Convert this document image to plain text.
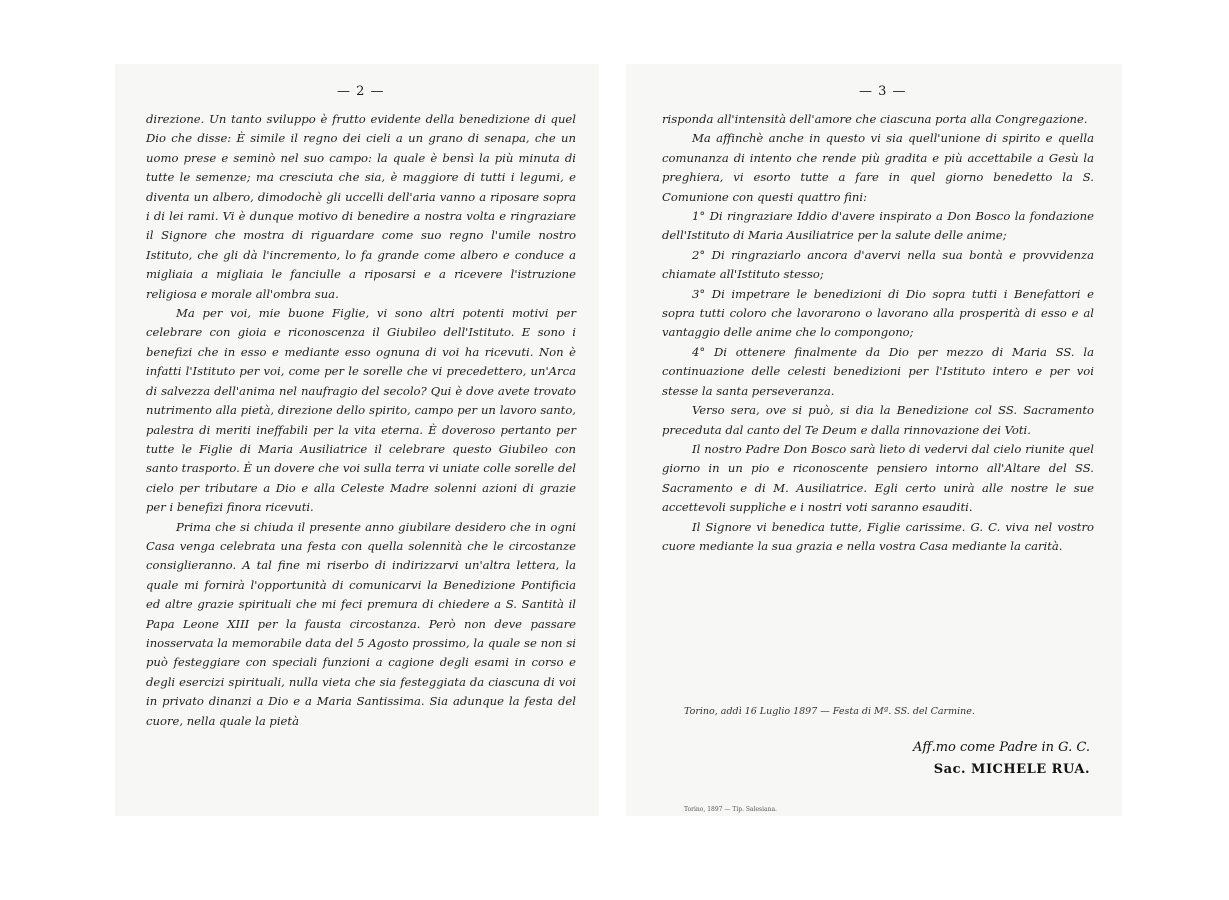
— 2 —

direzione. Un tanto sviluppo è frutto evidente della benedizione di quel Dio che disse: È simile il regno dei cieli a un grano di senapa, che un uomo prese e seminò nel suo campo: la quale è bensì la più minuta di tutte le semenze; ma cresciuta che sia, è maggiore di tutti i legumi, e diventa un albero, dimodochè gli uccelli dell'aria vanno a riposare sopra i di lei rami. Vi è dunque motivo di benedire a nostra volta e ringraziare il Signore che mostra di riguardare come suo regno l'umile nostro Istituto, che gli dà l'incremento, lo fa grande come albero e conduce a migliaia a migliaia le fanciulle a riposarsi e a ricevere l'istruzione religiosa e morale all'ombra sua.

Ma per voi, mie buone Figlie, vi sono altri potenti motivi per celebrare con gioia e riconoscenza il Giubileo dell'Istituto. E sono i benefizi che in esso e mediante esso ognuna di voi ha ricevuti. Non è infatti l'Istituto per voi, come per le sorelle che vi precedettero, un'Arca di salvezza dell'anima nel naufragio del secolo? Qui è dove avete trovato nutrimento alla pietà, direzione dello spirito, campo per un lavoro santo, palestra di meriti ineffabili per la vita eterna. È doveroso pertanto per tutte le Figlie di Maria Ausiliatrice il celebrare questo Giubileo con santo trasporto. È un dovere che voi sulla terra vi uniate colle sorelle del cielo per tributare a Dio e alla Celeste Madre solenni azioni di grazie per i benefizi finora ricevuti.

Prima che si chiuda il presente anno giubilare desidero che in ogni Casa venga celebrata una festa con quella solennità che le circostanze consiglieranno. A tal fine mi riserbo di indirizzarvi un'altra lettera, la quale mi fornirà l'opportunità di comunicarvi la Benedizione Pontificia ed altre grazie spirituali che mi feci premura di chiedere a S. Santità il Papa Leone XIII per la fausta circostanza. Però non deve passare inosservata la memorabile data del 5 Agosto prossimo, la quale se non si può festeggiare con speciali funzioni a cagione degli esami in corso e degli esercizi spirituali, nulla vieta che sia festeggiata da ciascuna di voi in privato dinanzi a Dio e a Maria Santissima. Sia adunque la festa del cuore, nella quale la pietà

— 3 —

risponda all'intensità dell'amore che ciascuna porta alla Congregazione.

Ma affinchè anche in questo vi sia quell'unione di spirito e quella comunanza di intento che rende più gradita e più accettabile a Gesù la preghiera, vi esorto tutte a fare in quel giorno benedetto la S. Comunione con questi quattro fini:

1° Di ringraziare Iddio d'avere inspirato a Don Bosco la fondazione dell'Istituto di Maria Ausiliatrice per la salute delle anime;

2° Di ringraziarlo ancora d'avervi nella sua bontà e provvidenza chiamate all'Istituto stesso;

3° Di impetrare le benedizioni di Dio sopra tutti i Benefattori e sopra tutti coloro che lavorarono o lavorano alla prosperità di esso e al vantaggio delle anime che lo compongono;

4° Di ottenere finalmente da Dio per mezzo di Maria SS. la continuazione delle celesti benedizioni per l'Istituto intero e per voi stesse la santa perseveranza.

Verso sera, ove si può, si dia la Benedizione col SS. Sacramento preceduta dal canto del Te Deum e dalla rinnovazione dei Voti.

Il nostro Padre Don Bosco sarà lieto di vedervi dal cielo riunite quel giorno in un pio e riconoscente pensiero intorno all'Altare del SS. Sacramento e di M. Ausiliatrice. Egli certo unirà alle nostre le sue accettevoli suppliche e i nostri voti saranno esauditi.

Il Signore vi benedica tutte, Figlie carissime. G. C. viva nel vostro cuore mediante la sua grazia e nella vostra Casa mediante la carità.

Torino, addì 16 Luglio 1897 — Festa di Mª. SS. del Carmine.
Aff.mo come Padre in G. C.
Sac. MICHELE RUA.
Torino, 1897 — Tip. Salesiana.
